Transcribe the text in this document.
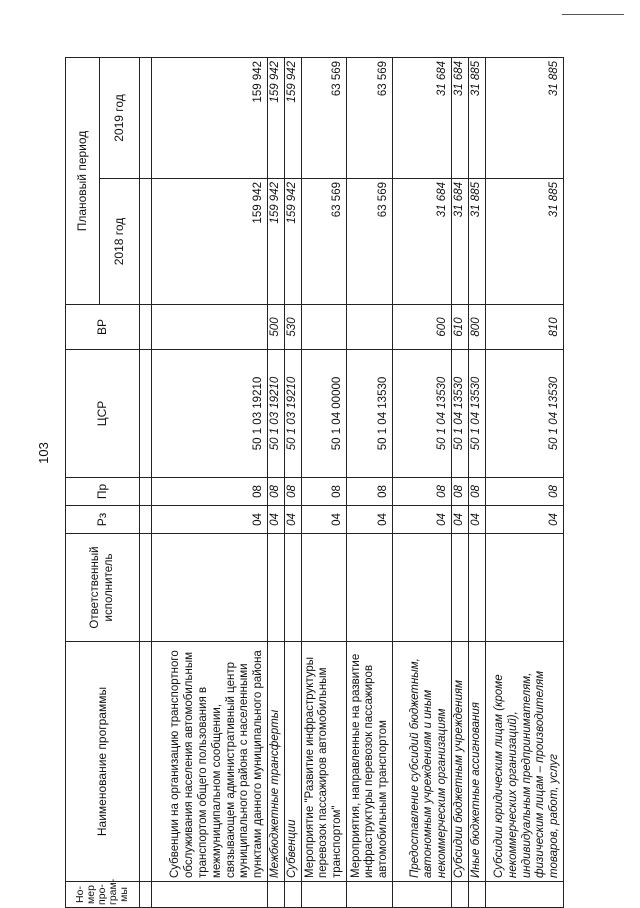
103
Но-мер про-грам-мы	Наименование программы	Ответственный исполнитель	Рз	Пр	ЦСР	ВР	Плановый период	
							2018 год	2019 год

	Субвенции на организацию транспортного обслуживания населения автомобильным транспортом общего пользования в межмуниципальном сообщении, связывающем административный центр муниципального района с населенными пунктами данного муниципального района		04	08	50 1 03 19210		159 942	159 942
	Межбюджетные трансферты		04	08	50 1 03 19210	500	159 942	159 942
	Субвенции		04	08	50 1 03 19210	530	159 942	159 942
	Мероприятие "Развитие инфраструктуры перевозок пассажиров автомобильным транспортом"		04	08	50 1 04 00000		63 569	63 569
	Мероприятия, направленные на развитие инфраструктуры перевозок пассажиров автомобильным транспортом		04	08	50 1 04 13530		63 569	63 569
	Предоставление субсидий бюджетным, автономным учреждениям и иным некоммерческим организациям		04	08	50 1 04 13530	600	31 684	31 684
	Субсидии бюджетным учреждениям		04	08	50 1 04 13530	610	31 684	31 684
	Иные бюджетные ассигнования		04	08	50 1 04 13530	800	31 885	31 885
	Субсидии юридическим лицам (кроме некоммерческих организаций), индивидуальным предпринимателям, физическим лицам – производителям товаров, работ, услуг		04	08	50 1 04 13530	810	31 885	31 885
